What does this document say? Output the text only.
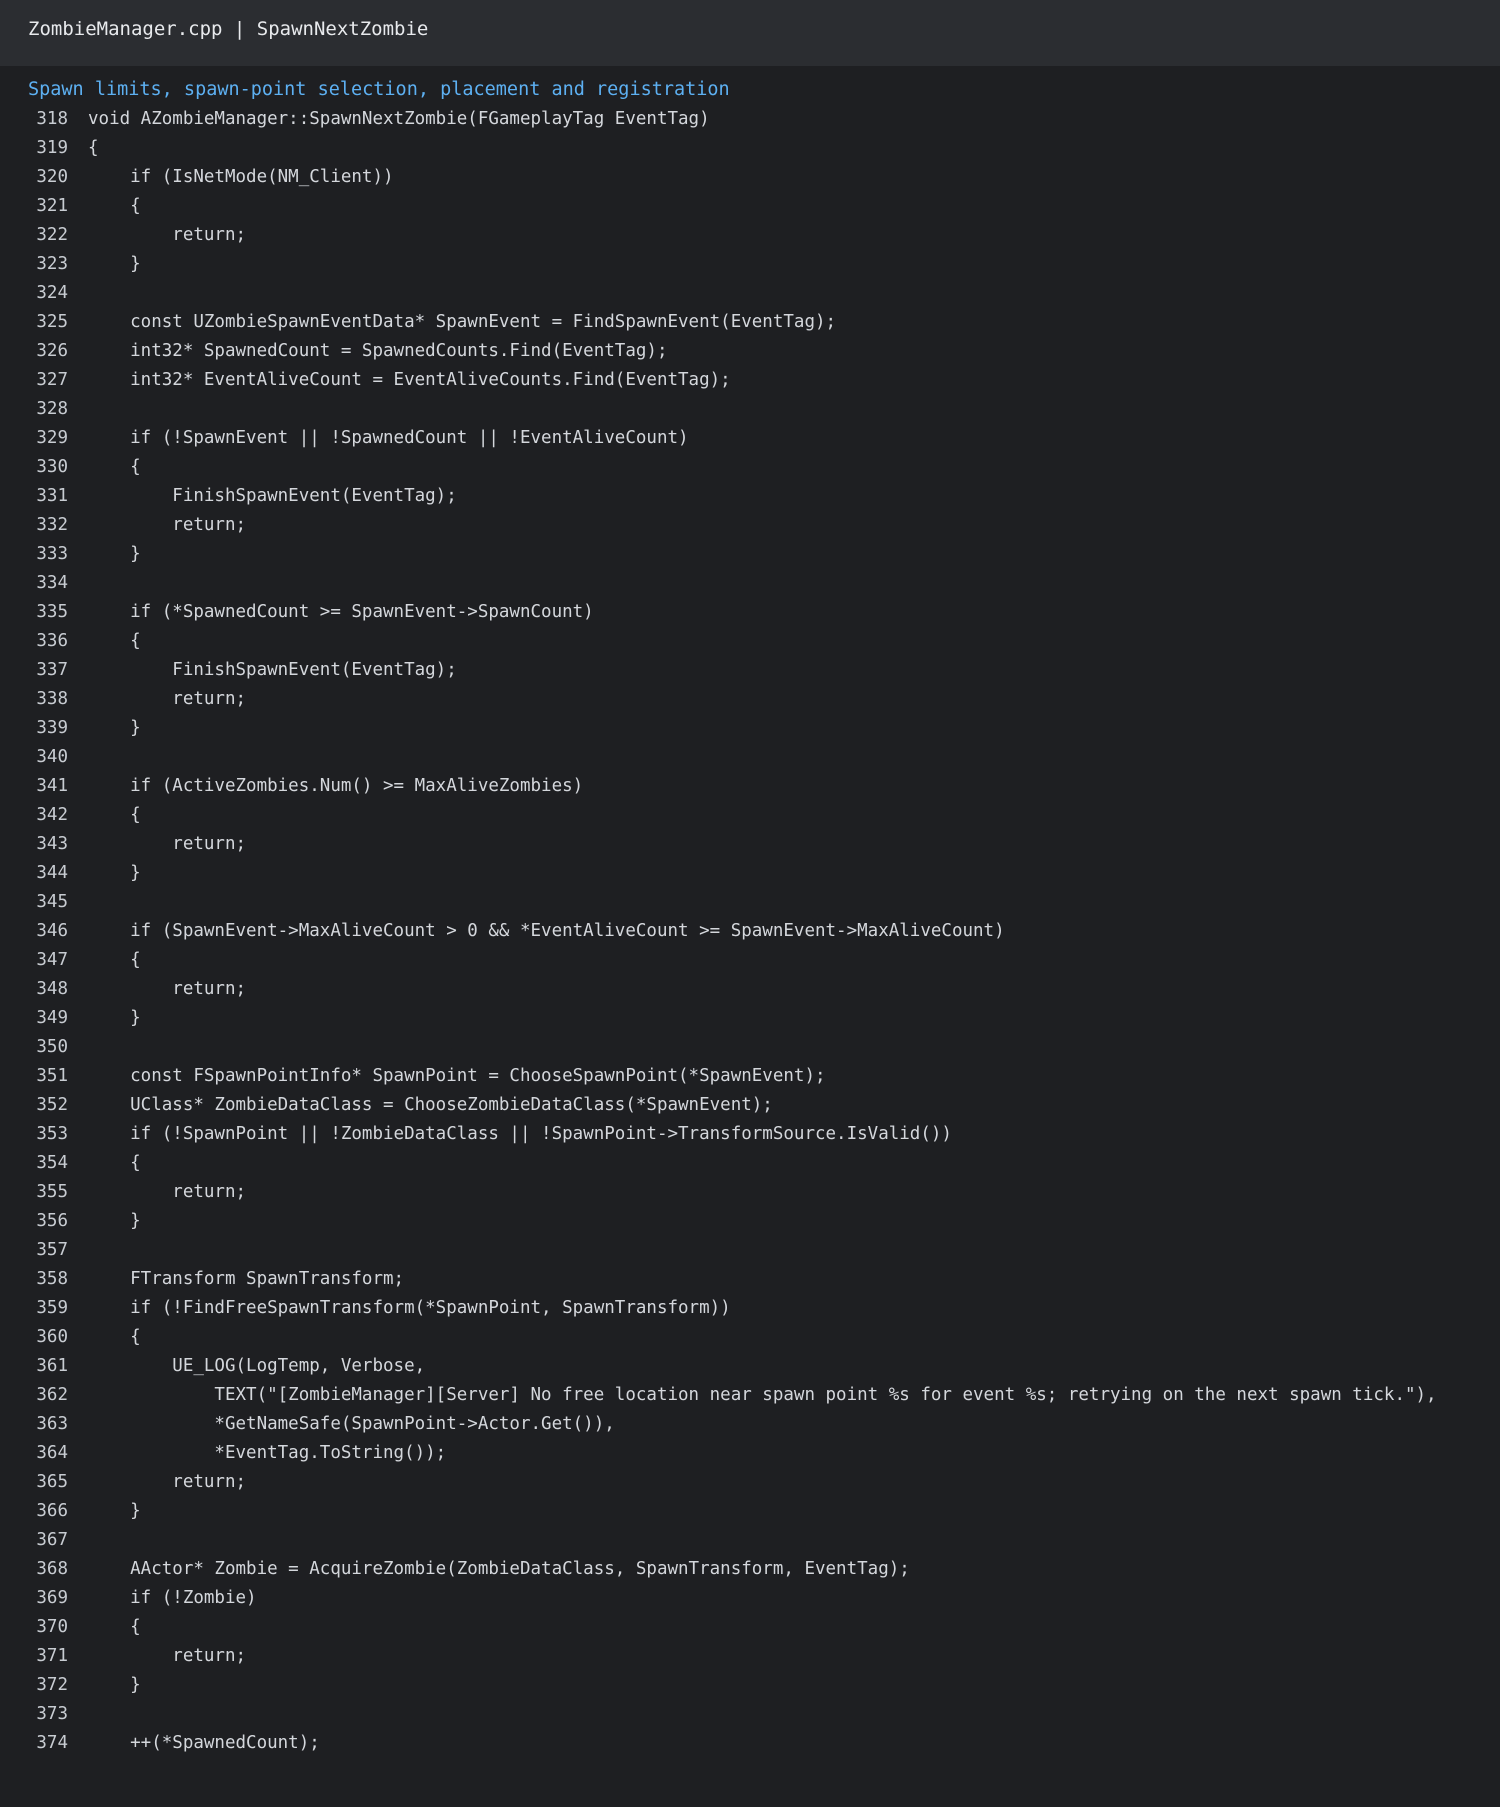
ZombieManager.cpp | SpawnNextZombie
Spawn limits, spawn-point selection, placement and registration
318 void AZombieManager::SpawnNextZombie(FGameplayTag EventTag)
319 {
320 if (IsNetMode(NM_Client))
321 {
322 return;
323 }
324
325 const UZombieSpawnEventData* SpawnEvent = FindSpawnEvent(EventTag);
326 int32* SpawnedCount = SpawnedCounts.Find(EventTag);
327 int32* EventAliveCount = EventAliveCounts.Find(EventTag);
328
329 if (!SpawnEvent || !SpawnedCount || !EventAliveCount)
330 {
331 FinishSpawnEvent(EventTag);
332 return;
333 }
334
335 if (*SpawnedCount >= SpawnEvent->SpawnCount)
336 {
337 FinishSpawnEvent(EventTag);
338 return;
339 }
340
341 if (ActiveZombies.Num() >= MaxAliveZombies)
342 {
343 return;
344 }
345
346 if (SpawnEvent->MaxAliveCount > 0 && *EventAliveCount >= SpawnEvent->MaxAliveCount)
347 {
348 return;
349 }
350
351 const FSpawnPointInfo* SpawnPoint = ChooseSpawnPoint(*SpawnEvent);
352 UClass* ZombieDataClass = ChooseZombieDataClass(*SpawnEvent);
353 if (!SpawnPoint || !ZombieDataClass || !SpawnPoint->TransformSource.IsValid())
354 {
355 return;
356 }
357
358 FTransform SpawnTransform;
359 if (!FindFreeSpawnTransform(*SpawnPoint, SpawnTransform))
360 {
361 UE_LOG(LogTemp, Verbose,
362 TEXT("[ZombieManager][Server] No free location near spawn point %s for event %s; retrying on the next spawn tick."),
363 *GetNameSafe(SpawnPoint->Actor.Get()),
364 *EventTag.ToString());
365 return;
366 }
367
368 AActor* Zombie = AcquireZombie(ZombieDataClass, SpawnTransform, EventTag);
369 if (!Zombie)
370 {
371 return;
372 }
373
374 ++(*SpawnedCount);
